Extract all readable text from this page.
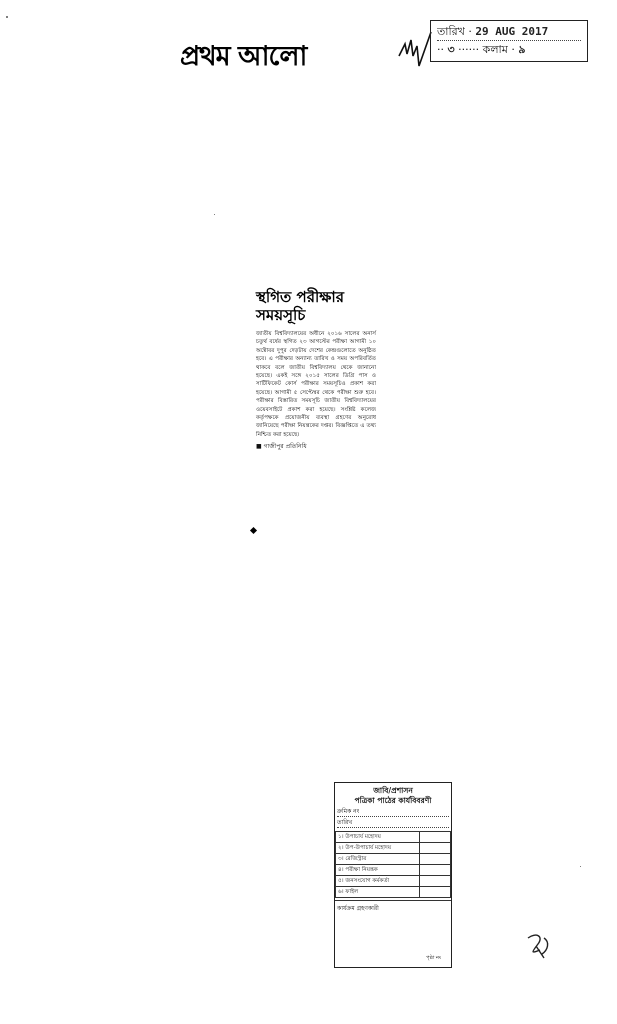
প্রথম আলো
তারিখ · 29 AUG 2017
·· ৩ ······ কলাম · ৯
স্থগিত পরীক্ষার
সময়সূচি
জাতীয় বিশ্ববিদ্যালয়ের অধীনে ২০১৬ সালের অনার্স চতুর্থ বর্ষের স্থগিত ২৩ আগস্টের পরীক্ষা আগামী ১০ অক্টোবর দুপুর দেড়টায় দেশের কেন্দ্রগুলোতে অনুষ্ঠিত হবে। এ পরীক্ষার অন্যান্য তারিখ ও সময় অপরিবর্তিত থাকবে বলে জাতীয় বিশ্ববিদ্যালয় থেকে জানানো হয়েছে। একই সঙ্গে ২০১৫ সালের ডিগ্রি পাস ও সার্টিফিকেট কোর্স পরীক্ষার সময়সূচিও প্রকাশ করা হয়েছে। আগামী ৫ সেপ্টেম্বর থেকে পরীক্ষা শুরু হবে। পরীক্ষার বিস্তারিত সময়সূচি জাতীয় বিশ্ববিদ্যালয়ের ওয়েবসাইটে প্রকাশ করা হয়েছে। সংশ্লিষ্ট কলেজ কর্তৃপক্ষকে প্রয়োজনীয় ব্যবস্থা গ্রহণের অনুরোধ জানিয়েছে পরীক্ষা নিয়ন্ত্রকের দপ্তর। বিজ্ঞপ্তিতে এ তথ্য নিশ্চিত করা হয়েছে।
■ গাজীপুর প্রতিনিধি
জাবি/প্রশাসন
পত্রিকা পাঠের কার্যবিবরণী
ক্রমিক নং
তারিখ
১। উপাচার্য মহোদয়	
২। উপ-উপাচার্য মহোদয়	
৩। রেজিস্ট্রার	
৪। পরীক্ষা নিয়ন্ত্রক	
৫। জনসংযোগ কর্মকর্তা	
৬। ফাইল	
কার্যক্রম গ্রহণকারী
পৃষ্ঠা নং
